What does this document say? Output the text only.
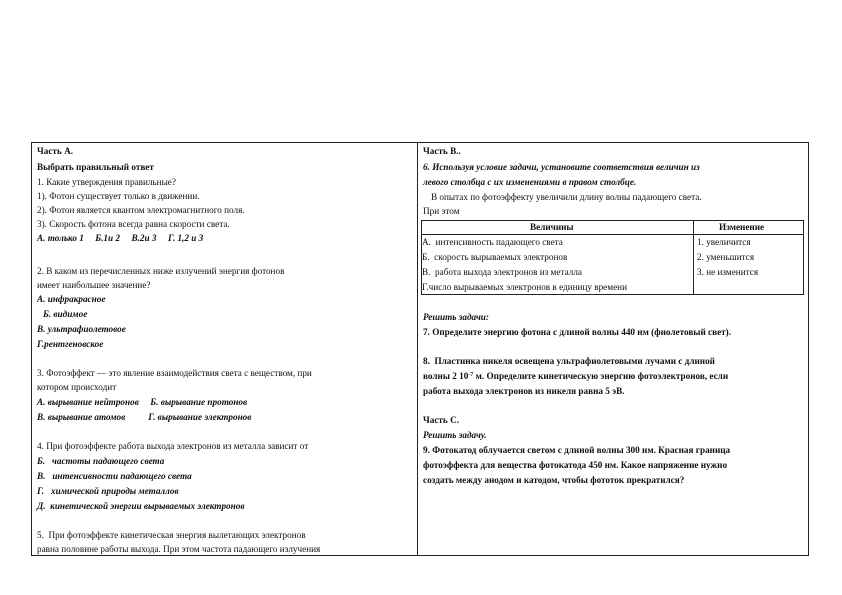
Часть А.
Выбрать правильный ответ
1. Какие утверждения правильные?
1). Фотон существует только в движении.
2). Фотон является квантом электромагнитного поля.
3). Скорость фотона всегда равна скорости света.
А. только 1     Б.1и 2     В.2и 3     Г. 1,2 и 3
2. В каком из перечисленных ниже излучений энергия фотонов
имеет наибольшее значение?
А. инфракрасное
Б. видимое
В. ультрафиолетовое
Г.рентгеновское
3. Фотоэффект — это явление взаимодействия света с веществом, при
котором происходит
А. вырывание нейтронов     Б. вырывание протонов
В. вырывание атомов          Г. вырывание электронов
4. При фотоэффекте работа выхода электронов из металла зависит от
Б.   частоты падающего света
В.   интенсивности падающего света
Г.   химической природы металлов
Д.  кинетической энергии вырываемых электронов
5.  При фотоэффекте кинетическая энергия вылетающих электронов
равна половине работы выхода. При этом частота падающего излучения
Часть В..
6. Используя условие задачи, установите соответствия величин из
левого столбца с их изменениями в правом столбце.
В опытах по фотоэффекту увеличили длину волны падающего света.
При этом
Величины	Изменение
А.  интенсивность падающего света
Б.  скорость вырываемых электронов
В.  работа выхода электронов из металла
Г.число вырываемых электронов в единицу времени
1. увеличится
2. уменьшится
3. не изменится
Решить задачи:
7. Определите энергию фотона с длиной волны 440 нм (фиолетовый свет).
8.  Пластинка никеля освещена ультрафиолетовыми лучами с длиной
волны 2 $10^{-7}$ м. Определите кинетическую энергию фотоэлектронов, если
работа выхода электронов из никеля равна 5 эВ.
Часть С.
Решить задачу.
9. Фотокатод облучается светом с длиной волны 300 нм. Красная граница
фотоэффекта для вещества фотокатода 450 нм. Какое напряжение нужно
создать между анодом и катодом, чтобы фототок прекратился?
